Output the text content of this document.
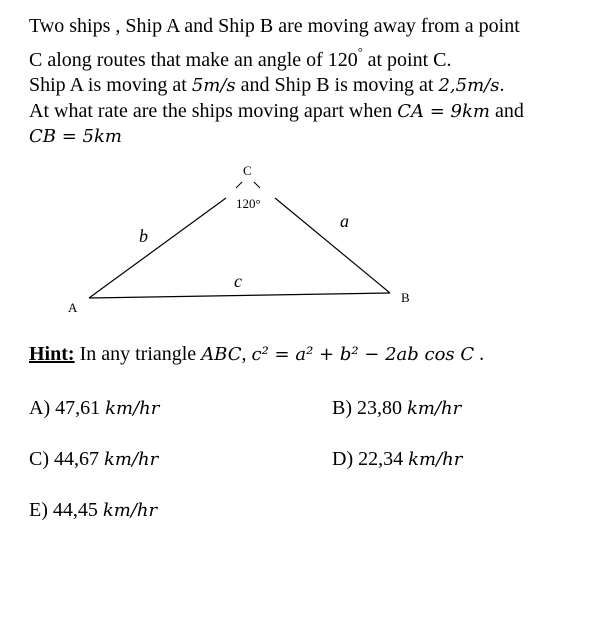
Two ships , Ship A and Ship B are moving away from a point
C along routes that make an angle of 120° at point C.
Ship A is moving at 5m/s and Ship B is moving at 2,5m/s.
At what rate are the ships moving apart when CA = 9km and
CB = 5km
C
120°
A
B
b
a
c
Hint: In any triangle ABC, c² = a² + b² − 2ab cos C .
A) 47,61 km/hr	B) 23,80 km/hr
C) 44,67 km/hr	D) 22,34 km/hr
E) 44,45 km/hr
